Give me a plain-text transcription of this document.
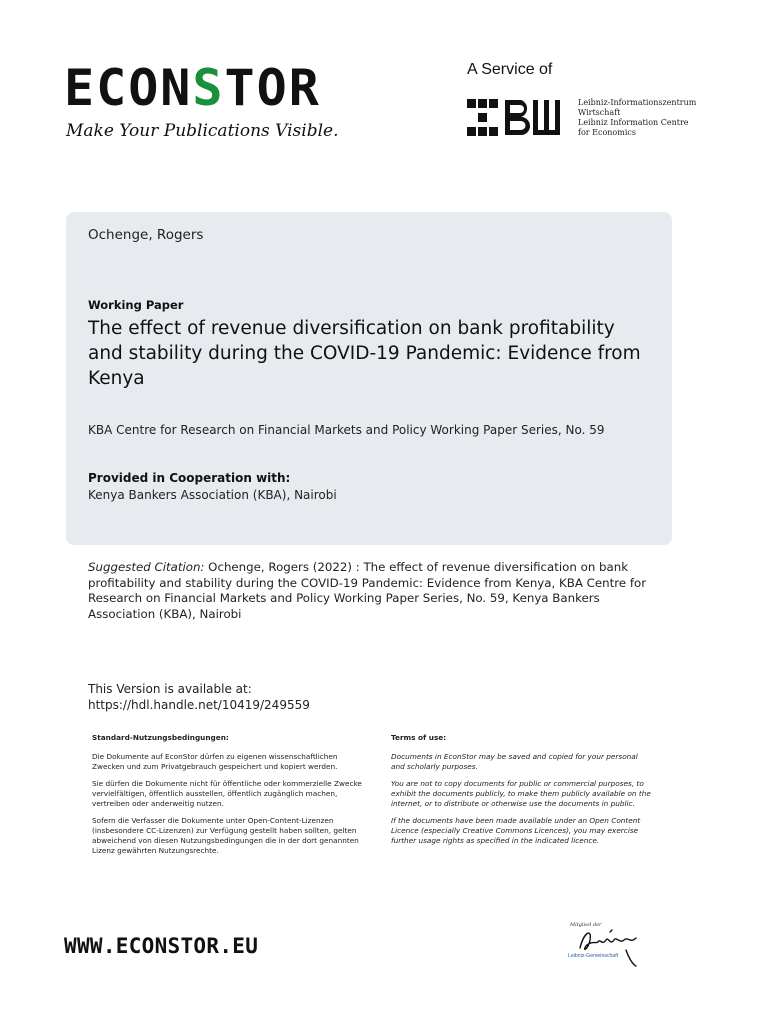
ECONSTOR
Make Your Publications Visible.
A Service of
Leibniz-Informationszentrum
Wirtschaft
Leibniz Information Centre
for Economics
Ochenge, Rogers
Working Paper
The effect of revenue diversification on bank profitability and stability during the COVID-19 Pandemic: Evidence from Kenya
KBA Centre for Research on Financial Markets and Policy Working Paper Series, No. 59
Provided in Cooperation with:
Kenya Bankers Association (KBA), Nairobi
Suggested Citation: Ochenge, Rogers (2022) : The effect of revenue diversification on bank profitability and stability during the COVID-19 Pandemic: Evidence from Kenya, KBA Centre for Research on Financial Markets and Policy Working Paper Series, No. 59, Kenya Bankers Association (KBA), Nairobi
This Version is available at:
https://hdl.handle.net/10419/249559
Standard-Nutzungsbedingungen:

Die Dokumente auf EconStor dürfen zu eigenen wissenschaftlichen Zwecken und zum Privatgebrauch gespeichert und kopiert werden.

Sie dürfen die Dokumente nicht für öffentliche oder kommerzielle Zwecke vervielfältigen, öffentlich ausstellen, öffentlich zugänglich machen, vertreiben oder anderweitig nutzen.

Sofern die Verfasser die Dokumente unter Open-Content-Lizenzen (insbesondere CC-Lizenzen) zur Verfügung gestellt haben sollten, gelten abweichend von diesen Nutzungsbedingungen die in der dort genannten Lizenz gewährten Nutzungsrechte.

Terms of use:

Documents in EconStor may be saved and copied for your personal and scholarly purposes.

You are not to copy documents for public or commercial purposes, to exhibit the documents publicly, to make them publicly available on the internet, or to distribute or otherwise use the documents in public.

If the documents have been made available under an Open Content Licence (especially Creative Commons Licences), you may exercise further usage rights as specified in the indicated licence.

WWW.ECONSTOR.EU
Mitglied der
Leibniz-Gemeinschaft
